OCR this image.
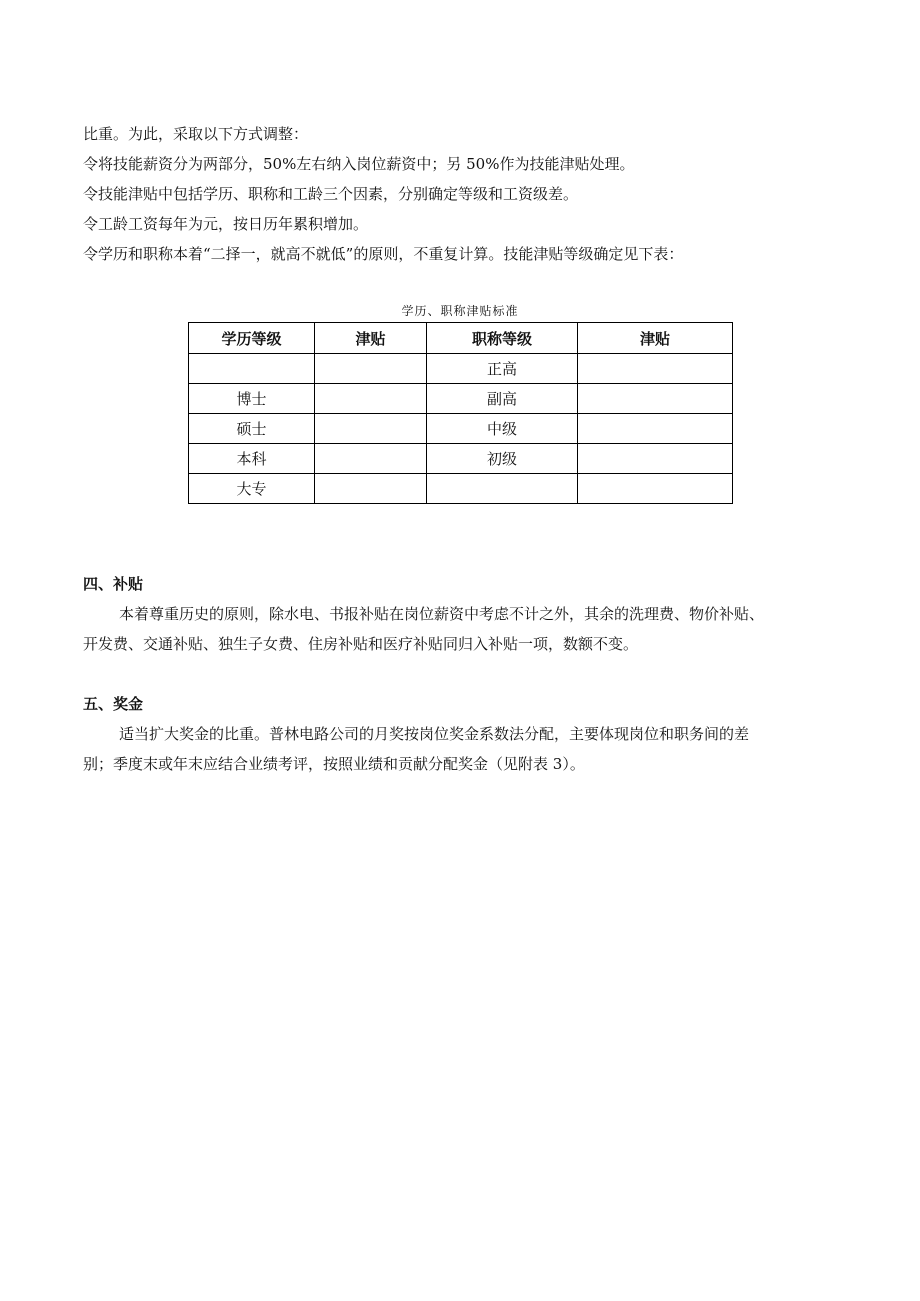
比重。为此，采取以下方式调整：
令将技能薪资分为两部分，50%左右纳入岗位薪资中；另 50%作为技能津贴处理。
令技能津贴中包括学历、职称和工龄三个因素，分别确定等级和工资级差。
令工龄工资每年为元，按日历年累积增加。
令学历和职称本着“二择一，就高不就低”的原则，不重复计算。技能津贴等级确定见下表：
学历、职称津贴标准
学历等级	津贴	职称等级	津贴
		正高	
博士		副高	
硕士		中级	
本科		初级	
大专			
四、补贴
本着尊重历史的原则，除水电、书报补贴在岗位薪资中考虑不计之外，其余的洗理费、物价补贴、
开发费、交通补贴、独生子女费、住房补贴和医疗补贴同归入补贴一项，数额不变。
五、奖金
适当扩大奖金的比重。普林电路公司的月奖按岗位奖金系数法分配，主要体现岗位和职务间的差
别；季度末或年末应结合业绩考评，按照业绩和贡献分配奖金（见附表 3）。
